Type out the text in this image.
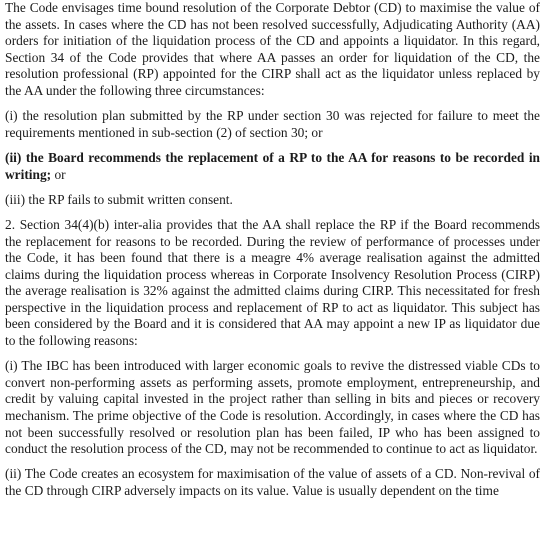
The Code envisages time bound resolution of the Corporate Debtor (CD) to maximise the value of the assets. In cases where the CD has not been resolved successfully, Adjudicating Authority (AA) orders for initiation of the liquidation process of the CD and appoints a liquidator. In this regard, Section 34 of the Code provides that where AA passes an order for liquidation of the CD, the resolution professional (RP) appointed for the CIRP shall act as the liquidator unless replaced by the AA under the following three circumstances:

(i) the resolution plan submitted by the RP under section 30 was rejected for failure to meet the requirements mentioned in sub-section (2) of section 30; or

(ii) the Board recommends the replacement of a RP to the AA for reasons to be recorded in writing; or

(iii) the RP fails to submit written consent.

2. Section 34(4)(b) inter-alia provides that the AA shall replace the RP if the Board recommends the replacement for reasons to be recorded. During the review of performance of processes under the Code, it has been found that there is a meagre 4% average realisation against the admitted claims during the liquidation process whereas in Corporate Insolvency Resolution Process (CIRP) the average realisation is 32% against the admitted claims during CIRP. This necessitated for fresh perspective in the liquidation process and replacement of RP to act as liquidator. This subject has been considered by the Board and it is considered that AA may appoint a new IP as liquidator due to the following reasons:

(i) The IBC has been introduced with larger economic goals to revive the distressed viable CDs to convert non-performing assets as performing assets, promote employment, entrepreneurship, and credit by valuing capital invested in the project rather than selling in bits and pieces or recovery mechanism. The prime objective of the Code is resolution. Accordingly, in cases where the CD has not been successfully resolved or resolution plan has been failed, IP who has been assigned to conduct the resolution process of the CD, may not be recommended to continue to act as liquidator.

(ii) The Code creates an ecosystem for maximisation of the value of assets of a CD. Non-revival of the CD through CIRP adversely impacts on its value. Value is usually dependent on the time
